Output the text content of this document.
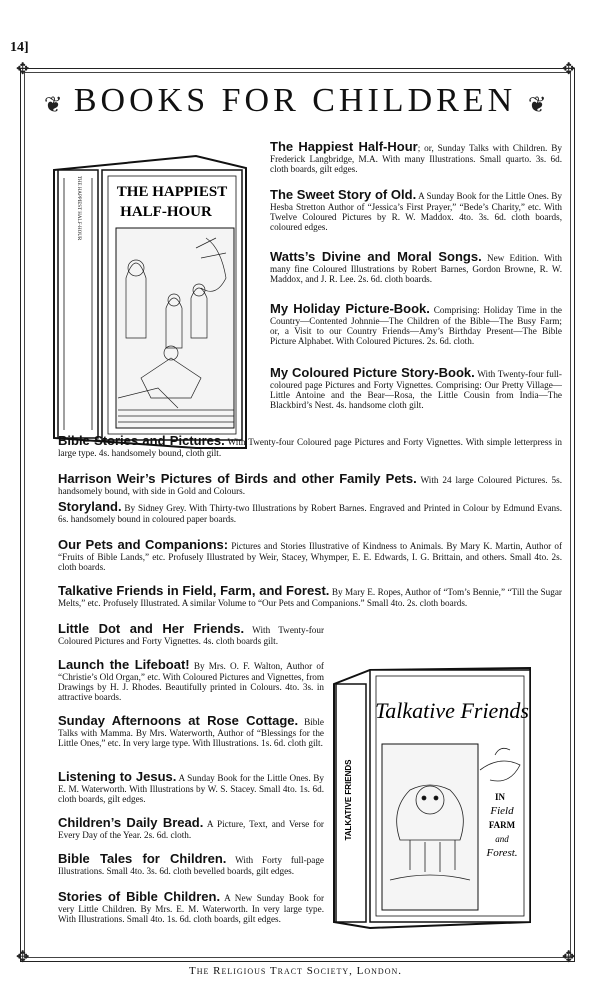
14]
✥	✥
✥	✥
❦ BOOKS FOR CHILDREN ❦
THE HAPPIEST
HALF-HOUR
THE HAPPIEST HALF-HOUR
Talkative Friends
IN
Field
FARM
and
Forest.
TALKATIVE FRIENDS
The Happiest Half-Hour; or, Sunday Talks with Children. By Frederick Langbridge, M.A. With many Illustrations. Small quarto. 3s. 6d. cloth boards, gilt edges.
The Sweet Story of Old. A Sunday Book for the Little Ones. By Hesba Stretton Author of “Jessica’s First Prayer,” “Bede’s Charity,” etc. With Twelve Coloured Pictures by R. W. Maddox. 4to. 3s. 6d. cloth boards, coloured edges.
Watts’s Divine and Moral Songs. New Edition. With many fine Coloured Illustrations by Robert Barnes, Gordon Browne, R. W. Maddox, and J. R. Lee. 2s. 6d. cloth boards.
My Holiday Picture-Book. Comprising: Holiday Time in the Country—Contented Johnnie—The Children of the Bible—The Busy Farm; or, a Visit to our Country Friends—Amy’s Birthday Present—The Bible Picture Alphabet. With Coloured Pictures. 2s. 6d. cloth.
My Coloured Picture Story-Book. With Twenty-four full-coloured page Pictures and Forty Vignettes. Comprising: Our Pretty Village—Little Antoine and the Bear—Rosa, the Little Cousin from India—The Blackbird’s Nest. 4s. handsome cloth gilt.
Bible Stories and Pictures. With Twenty-four Coloured page Pictures and Forty Vignettes. With simple letterpress in large type. 4s. handsomely bound, cloth gilt.
Harrison Weir’s Pictures of Birds and other Family Pets. With 24 large Coloured Pictures. 5s. handsomely bound, with side in Gold and Colours.
Storyland. By Sidney Grey. With Thirty-two Illustrations by Robert Barnes. Engraved and Printed in Colour by Edmund Evans. 6s. handsomely bound in coloured paper boards.
Our Pets and Companions: Pictures and Stories Illustrative of Kindness to Animals. By Mary K. Martin, Author of “Fruits of Bible Lands,” etc. Profusely Illustrated by Weir, Stacey, Whymper, E. E. Edwards, I. G. Brittain, and others. Small 4to. 2s. cloth boards.
Talkative Friends in Field, Farm, and Forest. By Mary E. Ropes, Author of “Tom’s Bennie,” “Till the Sugar Melts,” etc. Profusely Illustrated. A similar Volume to “Our Pets and Companions.” Small 4to. 2s. cloth boards.
Little Dot and Her Friends. With Twenty-four Coloured Pictures and Forty Vignettes. 4s. cloth boards gilt.
Launch the Lifeboat! By Mrs. O. F. Walton, Author of “Christie’s Old Organ,” etc. With Coloured Pictures and Vignettes, from Drawings by H. J. Rhodes. Beautifully printed in Colours. 4to. 3s. in attractive boards.
Sunday Afternoons at Rose Cottage. Bible Talks with Mamma. By Mrs. Waterworth, Author of “Blessings for the Little Ones,” etc. In very large type. With Illustrations. 1s. 6d. cloth gilt.
Listening to Jesus. A Sunday Book for the Little Ones. By E. M. Waterworth. With Illustrations by W. S. Stacey. Small 4to. 1s. 6d. cloth boards, gilt edges.
Children’s Daily Bread. A Picture, Text, and Verse for Every Day of the Year. 2s. 6d. cloth.
Bible Tales for Children. With Forty full-page Illustrations. Small 4to. 3s. 6d. cloth bevelled boards, gilt edges.
Stories of Bible Children. A New Sunday Book for very Little Children. By Mrs. E. M. Waterworth. In very large type. With Illustrations. Small 4to. 1s. 6d. cloth boards, gilt edges.
The Religious Tract Society, London.
